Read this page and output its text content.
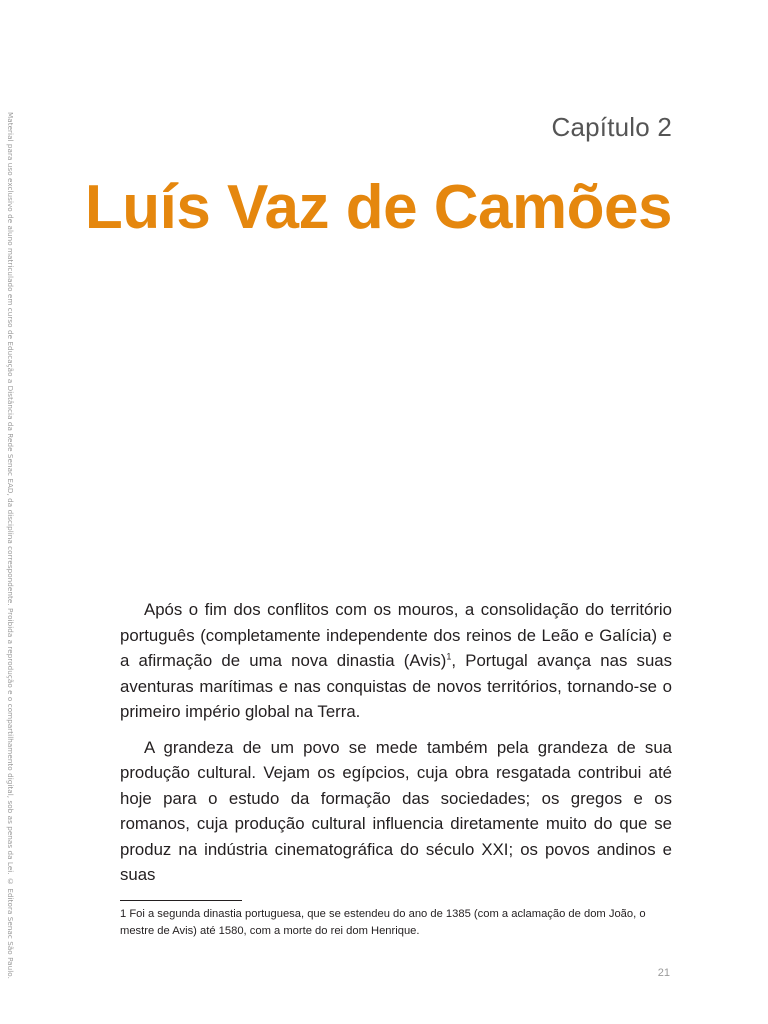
Material para uso exclusivo de aluno matriculado em curso de Educação a Distância da Rede Senac EAD, da disciplina correspondente. Proibida a reprodução e o compartilhamento digital, sob as penas da Lei. © Editora Senac São Paulo.	Capítulo 2

Luís Vaz de Camões

Após o fim dos conflitos com os mouros, a consolidação do território português (completamente independente dos reinos de Leão e Galícia) e a afirmação de uma nova dinastia (Avis)$^1$, Portugal avança nas suas aventuras marítimas e nas conquistas de novos territórios, tornando-se o primeiro império global na Terra.

A grandeza de um povo se mede também pela grandeza de sua produção cultural. Vejam os egípcios, cuja obra resgatada contribui até hoje para o estudo da formação das sociedades; os gregos e os romanos, cuja produção cultural influencia diretamente muito do que se produz na indústria cinematográfica do século XXI; os povos andinos e suas

1 Foi a segunda dinastia portuguesa, que se estendeu do ano de 1385 (com a aclamação de dom João, o mestre de Avis) até 1580, com a morte do rei dom Henrique.

21
